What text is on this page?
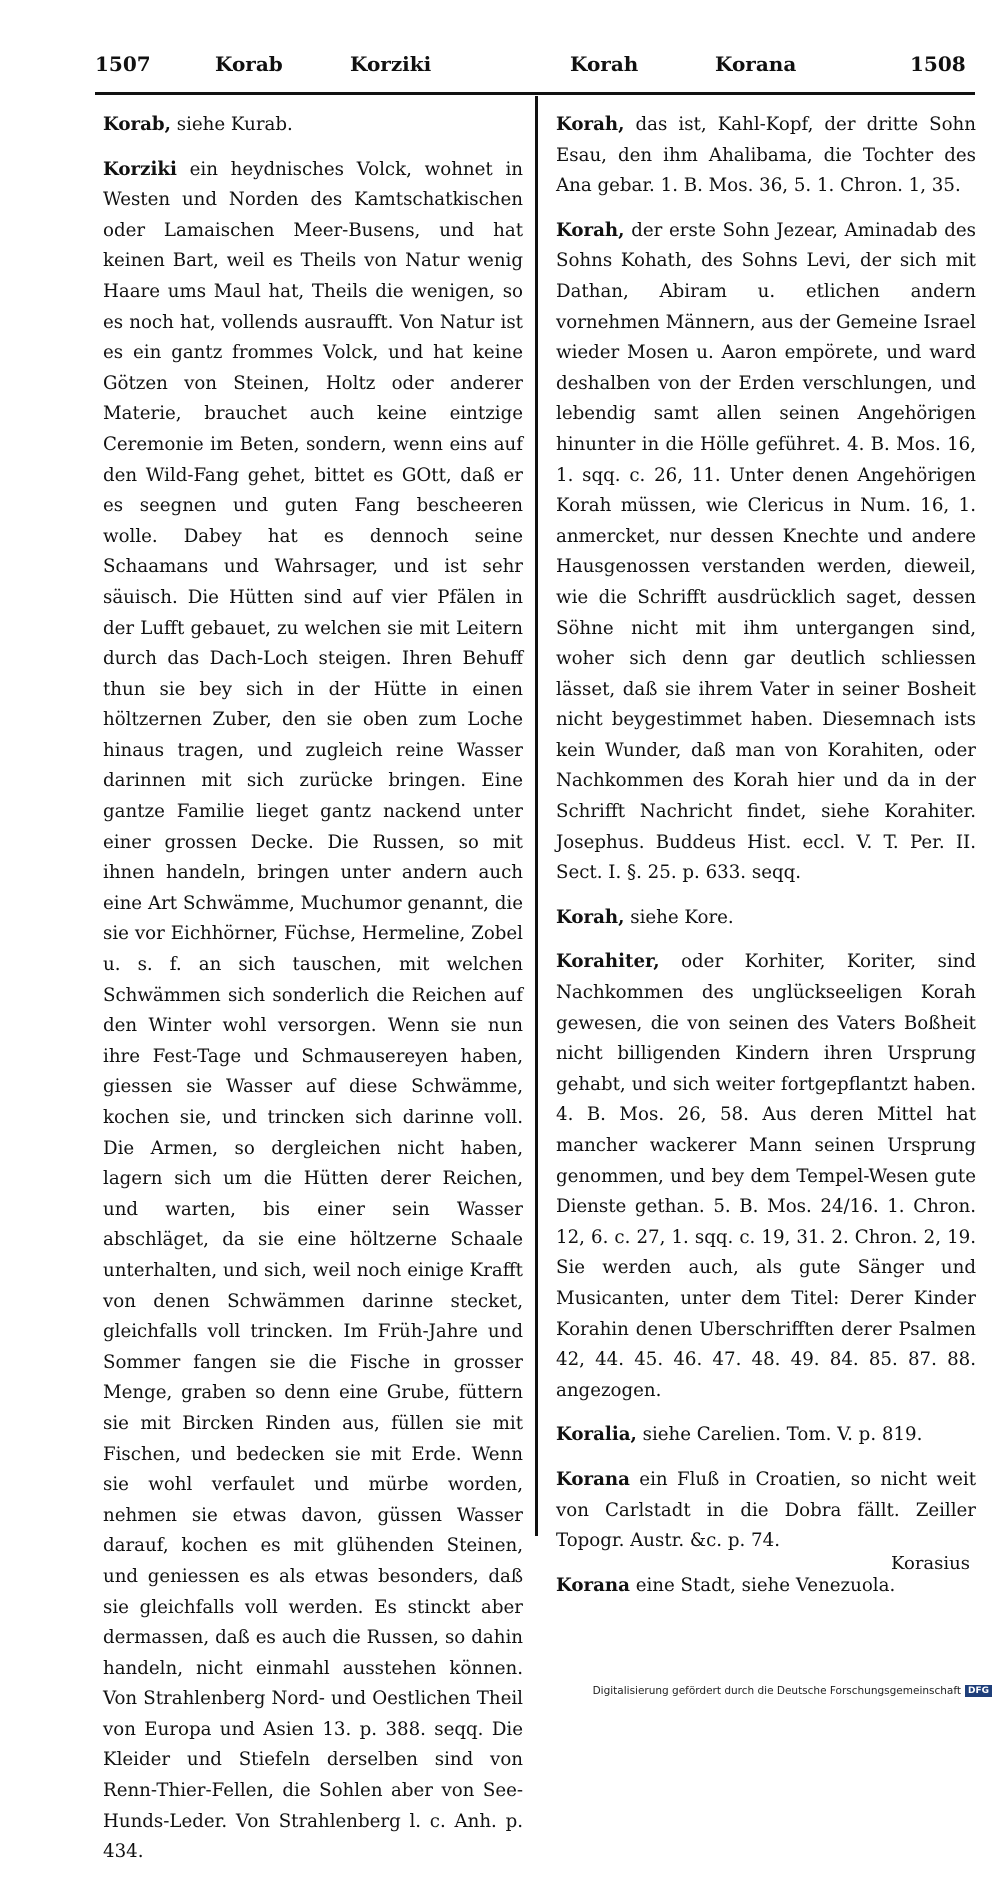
1507	Korab	Korziki	Korah	Korana	1508

Korab, siehe Kurab.

Korziki ein heydnisches Volck, wohnet in Westen und Norden des Kamtschatkischen oder Lamaischen Meer-Busens, und hat keinen Bart, weil es Theils von Natur wenig Haare ums Maul hat, Theils die wenigen, so es noch hat, vollends ausraufft. Von Natur ist es ein gantz frommes Volck, und hat keine Götzen von Steinen, Holtz oder anderer Materie, brauchet auch keine eintzige Ceremonie im Beten, sondern, wenn eins auf den Wild-Fang gehet, bittet es GOtt, daß er es seegnen und guten Fang bescheeren wolle. Dabey hat es dennoch seine Schaamans und Wahrsager, und ist sehr säuisch. Die Hütten sind auf vier Pfälen in der Lufft gebauet, zu welchen sie mit Leitern durch das Dach-Loch steigen. Ihren Behuff thun sie bey sich in der Hütte in einen höltzernen Zuber, den sie oben zum Loche hinaus tragen, und zugleich reine Wasser darinnen mit sich zurücke bringen. Eine gantze Familie lieget gantz nackend unter einer grossen Decke. Die Russen, so mit ihnen handeln, bringen unter andern auch eine Art Schwämme, Muchumor genannt, die sie vor Eichhörner, Füchse, Hermeline, Zobel u. s. f. an sich tauschen, mit welchen Schwämmen sich sonderlich die Reichen auf den Winter wohl versorgen. Wenn sie nun ihre Fest-Tage und Schmausereyen haben, giessen sie Wasser auf diese Schwämme, kochen sie, und trincken sich darinne voll. Die Armen, so dergleichen nicht haben, lagern sich um die Hütten derer Reichen, und warten, bis einer sein Wasser abschläget, da sie eine höltzerne Schaale unterhalten, und sich, weil noch einige Krafft von denen Schwämmen darinne stecket, gleichfalls voll trincken. Im Früh-Jahre und Sommer fangen sie die Fische in grosser Menge, graben so denn eine Grube, füttern sie mit Bircken Rinden aus, füllen sie mit Fischen, und bedecken sie mit Erde. Wenn sie wohl verfaulet und mürbe worden, nehmen sie etwas davon, güssen Wasser darauf, kochen es mit glühenden Steinen, und geniessen es als etwas besonders, daß sie gleichfalls voll werden. Es stinckt aber dermassen, daß es auch die Russen, so dahin handeln, nicht einmahl ausstehen können. Von Strahlenberg Nord- und Oestlichen Theil von Europa und Asien 13. p. 388. seqq. Die Kleider und Stiefeln derselben sind von Renn-Thier-Fellen, die Sohlen aber von See-Hunds-Leder. Von Strahlenberg l. c. Anh. p. 434.

Korah, das ist, Kahl-Kopf, der dritte Sohn Esau, den ihm Ahalibama, die Tochter des Ana gebar. 1. B. Mos. 36, 5. 1. Chron. 1, 35.

Korah, der erste Sohn Jezear, Aminadab des Sohns Kohath, des Sohns Levi, der sich mit Dathan, Abiram u. etlichen andern vornehmen Männern, aus der Gemeine Israel wieder Mosen u. Aaron empörete, und ward deshalben von der Erden verschlungen, und lebendig samt allen seinen Angehörigen hinunter in die Hölle geführet. 4. B. Mos. 16, 1. sqq. c. 26, 11. Unter denen Angehörigen Korah müssen, wie Clericus in Num. 16, 1. anmercket, nur dessen Knechte und andere Hausgenossen verstanden werden, dieweil, wie die Schrifft ausdrücklich saget, dessen Söhne nicht mit ihm untergangen sind, woher sich denn gar deutlich schliessen lässet, daß sie ihrem Vater in seiner Bosheit nicht beygestimmet haben. Diesemnach ists kein Wunder, daß man von Korahiten, oder Nachkommen des Korah hier und da in der Schrifft Nachricht findet, siehe Korahiter. Josephus. Buddeus Hist. eccl. V. T. Per. II. Sect. I. §. 25. p. 633. seqq.

Korah, siehe Kore.

Korahiter, oder Korhiter, Koriter, sind Nachkommen des unglückseeligen Korah gewesen, die von seinen des Vaters Boßheit nicht billigenden Kindern ihren Ursprung gehabt, und sich weiter fortgepflantzt haben. 4. B. Mos. 26, 58. Aus deren Mittel hat mancher wackerer Mann seinen Ursprung genommen, und bey dem Tempel-Wesen gute Dienste gethan. 5. B. Mos. 24/16. 1. Chron. 12, 6. c. 27, 1. sqq. c. 19, 31. 2. Chron. 2, 19. Sie werden auch, als gute Sänger und Musicanten, unter dem Titel: Derer Kinder Korahin denen Uberschrifften derer Psalmen 42, 44. 45. 46. 47. 48. 49. 84. 85. 87. 88. angezogen.

Koralia, siehe Carelien. Tom. V. p. 819.

Korana ein Fluß in Croatien, so nicht weit von Carlstadt in die Dobra fällt. Zeiller Topogr. Austr. &c. p. 74.

Korana eine Stadt, siehe Venezuola.

Korasius
Digitalisierung gefördert durch die Deutsche Forschungsgemeinschaft DFG
